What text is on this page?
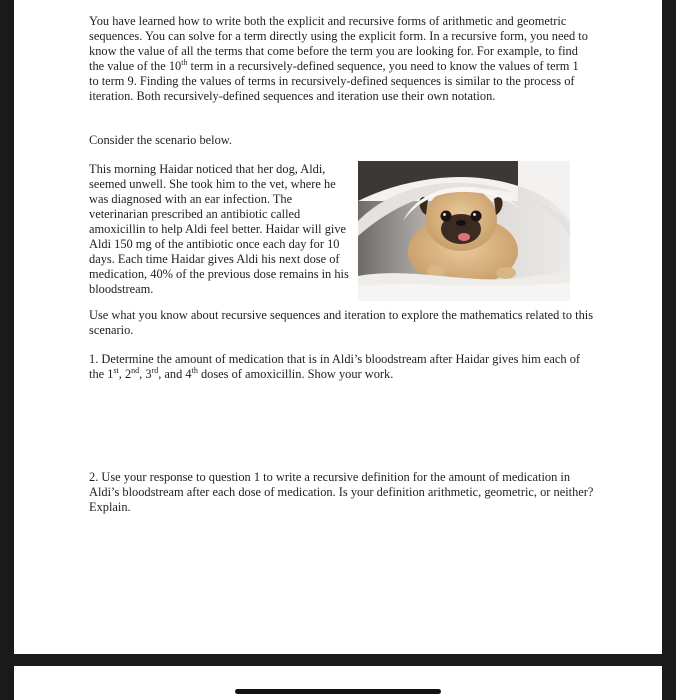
You have learned how to write both the explicit and recursive forms of arithmetic and geometric sequences. You can solve for a term directly using the explicit form. In a recursive form, you need to know the value of all the terms that come before the term you are looking for. For example, to find the value of the 10th term in a recursively-defined sequence, you need to know the values of term 1 to term 9. Finding the values of terms in recursively-defined sequences is similar to the process of iteration. Both recursively-defined sequences and iteration use their own notation.

Consider the scenario below.

This morning Haidar noticed that her dog, Aldi, seemed unwell. She took him to the vet, where he was diagnosed with an ear infection. The veterinarian prescribed an antibiotic called amoxicillin to help Aldi feel better. Haidar will give Aldi 150 mg of the antibiotic once each day for 10 days. Each time Haidar gives Aldi his next dose of medication, 40% of the previous dose remains in his bloodstream.

Use what you know about recursive sequences and iteration to explore the mathematics related to this scenario.

1. Determine the amount of medication that is in Aldi’s bloodstream after Haidar gives him each of the 1st, 2nd, 3rd, and 4th doses of amoxicillin. Show your work.

2. Use your response to question 1 to write a recursive definition for the amount of medication in Aldi’s bloodstream after each dose of medication. Is your definition arithmetic, geometric, or neither? Explain.
